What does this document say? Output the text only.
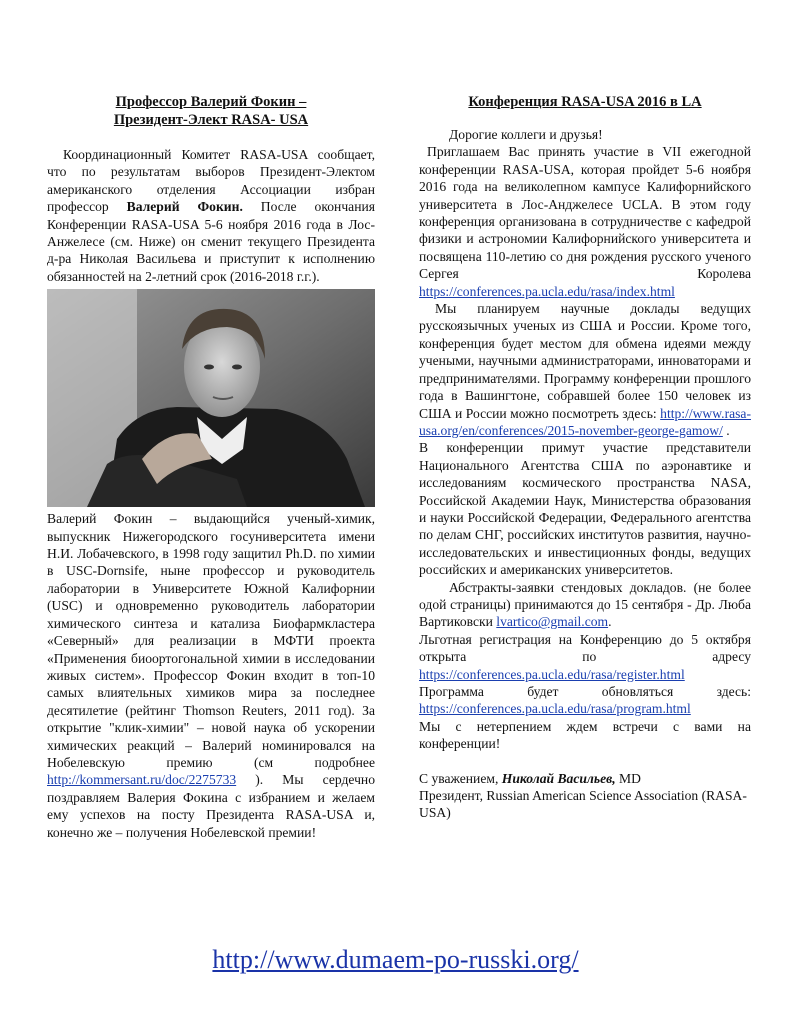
Профессор Валерий Фокин –
Президент-Элект RASA- USA

Координационный Комитет RASA-USA сообщает, что по результатам выборов Президент-Электом американского отделения Ассоциации избран профессор Валерий Фокин. После окончания Конференции RASA-USA 5-6 ноября 2016 года в Лос-Анжелесе (см. Ниже) он сменит текущего Президента д-ра Николая Васильева и приступит к исполнению обязанностей на 2-летний срок (2016-2018 г.г.).

Валерий Фокин – выдающийся ученый-химик, выпускник Нижегородского госуниверситета имени Н.И. Лобачевского, в 1998 году защитил Ph.D. по химии в USC-Dornsife, ныне профессор и руководитель лаборатории в Университете Южной Калифорнии (USC) и одновременно руководитель лаборатории химического синтеза и катализа Биофармкластера «Северный» для реализации в МФТИ проекта «Применения биоортогональной химии в исследовании живых систем». Профессор Фокин входит в топ-10 самых влиятельных химиков мира за последнее десятилетие (рейтинг Thomson Reuters, 2011 год). За открытие "клик-химии" – новой наука об ускорении химических реакций – Валерий номинировался на Нобелевскую премию (см подробнее http://kommersant.ru/doc/2275733 ). Мы сердечно поздравляем Валерия Фокина с избранием и желаем ему успехов на посту Президента RASA-USA и, конечно же – получения Нобелевской премии!

Конференция RASA-USA 2016 в LA

Дорогие коллеги и друзья!

Приглашаем Вас принять участие в VII ежегодной конференции RASA-USA, которая пройдет 5-6 ноября 2016 года на великолепном кампусе Калифорнийского университета в Лос-Анджелесе UCLA. В этом году конференция организована в сотрудничестве с кафедрой физики и астрономии Калифорнийского университета и посвящена 110-летию со дня рождения русского ученого Сергея Королева https://conferences.pa.ucla.edu/rasa/index.html

Мы планируем научные доклады ведущих русскоязычных ученых из США и России. Кроме того, конференция будет местом для обмена идеями между учеными, научными администраторами, инноваторами и предпринимателями. Программу конференции прошлого года в Вашингтоне, собравшей более 150 человек из США и России можно посмотреть здесь: http://www.rasa-usa.org/en/conferences/2015-november-george-gamow/ .

В конференции примут участие представители Национального Агентства США по аэронавтике и исследованиям космического пространства NASA, Российской Академии Наук, Министерства образования и науки Российской Федерации, Федерального агентства по делам СНГ, российских институтов развития, научно-исследовательских и инвестиционных фонды, ведущих российских и американских университетов.

Абстракты-заявки стендовых докладов. (не более одой страницы) принимаются до 15 сентября - Др. Люба Вартиковски lvartico@gmail.com.

Льготная регистрация на Конференцию до 5 октября открыта по адресу https://conferences.pa.ucla.edu/rasa/register.html

Программа будет обновляться здесь: https://conferences.pa.ucla.edu/rasa/program.html

Мы с нетерпением ждем встречи с вами на конференции!

С уважением, Николай Васильев, MD

Президент, Russian American Science Association (RASA-USA)

http://www.dumaem-po-russki.org/
